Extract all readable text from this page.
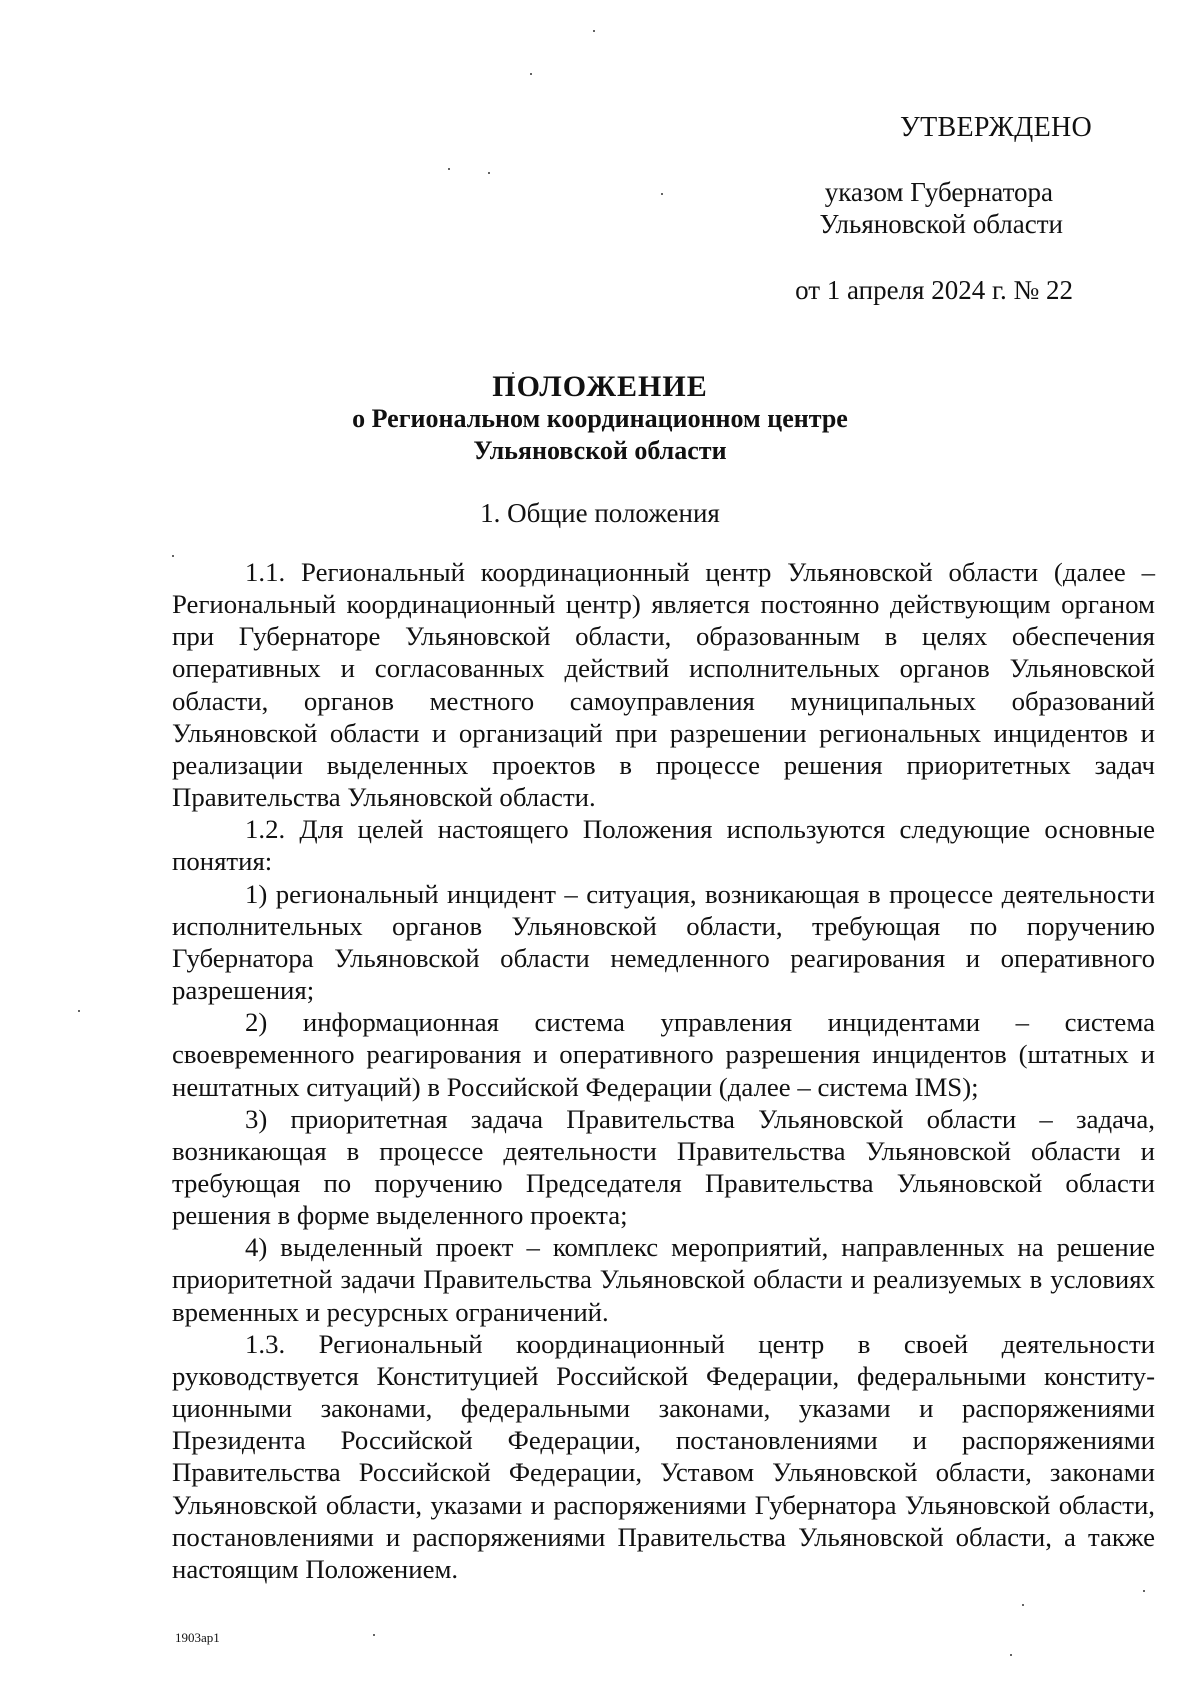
УТВЕРЖДЕНО

указом Губернатора

Ульяновской области

от 1 апреля 2024 г. № 22

ПОЛОЖЕНИЕ

о Региональном координационном центре

Ульяновской области

1. Общие положения

1.1. Региональный координационный центр Ульяновской области (далее – Региональный координационный центр) является постоянно действующим органом при Губернаторе Ульяновской области, образованным в целях обеспечения оперативных и согласованных действий исполнительных органов Ульяновской области, органов местного самоуправления муниципальных образований Ульяновской области и организаций при разрешении региональных инцидентов и реализации выделенных проектов в процессе решения приоритетных задач Правительства Ульяновской области.

1.2. Для целей настоящего Положения используются следующие основные понятия:

1) региональный инцидент – ситуация, возникающая в процессе деятельности исполнительных органов Ульяновской области, требующая по поручению Губернатора Ульяновской области немедленного реагирования и оперативного разрешения;

2) информационная система управления инцидентами – система своевременного реагирования и оперативного разрешения инцидентов (штатных и нештатных ситуаций) в Российской Федерации (далее – система IMS);

3) приоритетная задача Правительства Ульяновской области – задача, возникающая в процессе деятельности Правительства Ульяновской области и требующая по поручению Председателя Правительства Ульяновской области решения в форме выделенного проекта;

4) выделенный проект – комплекс мероприятий, направленных на решение приоритетной задачи Правительства Ульяновской области и реализуемых в условиях временных и ресурсных ограничений.

1.3. Региональный координационный центр в своей деятельности руководствуется Конституцией Российской Федерации, федеральными конституционными законами, федеральными законами, указами и распоряжениями Президента Российской Федерации, постановлениями и распоряжениями Правительства Российской Федерации, Уставом Ульяновской области, законами Ульяновской области, указами и распоряжениями Губернатора Ульяновской области, постановлениями и распоряжениями Правительства Ульяновской области, а также настоящим Положением.

1903ap1
